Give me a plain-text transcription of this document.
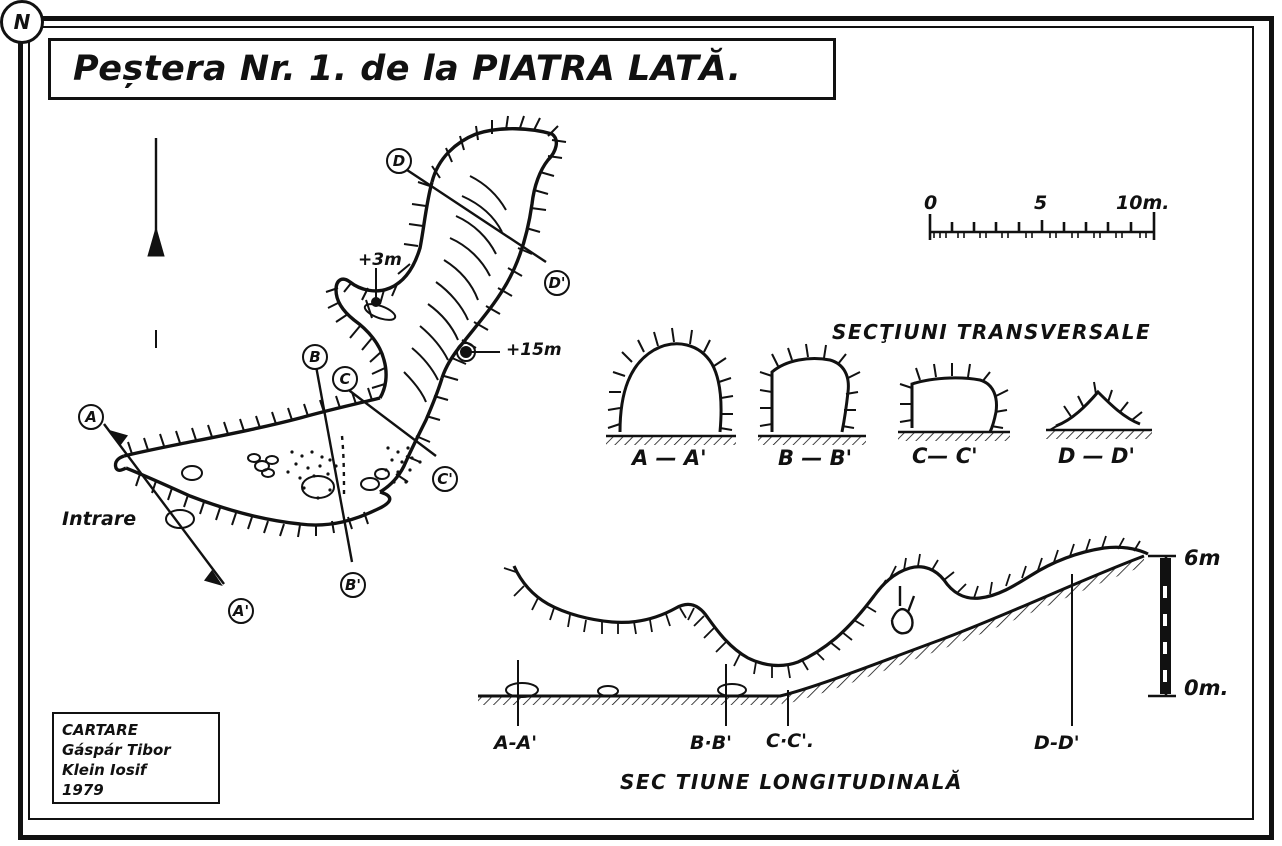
Peștera Nr. 1. de la PIATRA LATĂ.
N
Intrare
+3m
+15m
A
A'
B
B'
C
C'
D
D'
0	5	10m.
SECŢIUNI TRANSVERSALE
A — A'	B — B'	C— C'	D — D'
A-A'	B·B' C·C'.	D-D'
6m
0m.
SEC TIUNE LONGITUDINALĂ
CARTARE
Gáspár Tibor
Klein Iosif
1979
